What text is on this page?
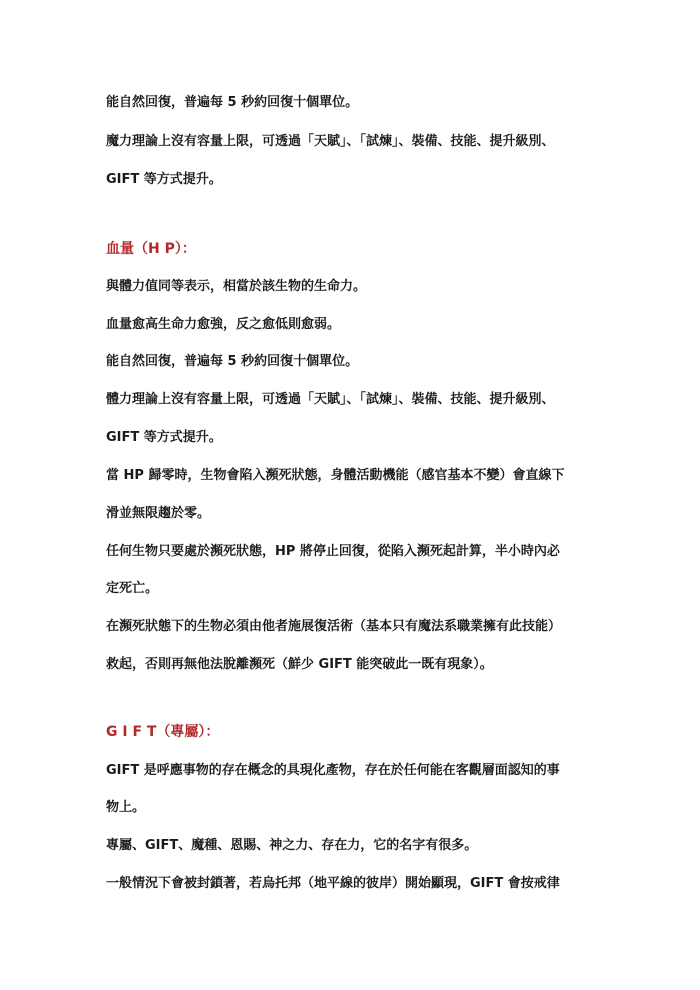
能自然回復，普遍每 5 秒約回復十個單位。
魔力理論上沒有容量上限，可透過「天賦」、「試煉」、裝備、技能、提升級別、
GIFT 等方式提升。
血量（H P）：
與體力值同等表示，相當於該生物的生命力。
血量愈高生命力愈強，反之愈低則愈弱。
能自然回復，普遍每 5 秒約回復十個單位。
體力理論上沒有容量上限，可透過「天賦」、「試煉」、裝備、技能、提升級別、
GIFT 等方式提升。
當 HP 歸零時，生物會陷入瀕死狀態，身體活動機能（感官基本不變）會直線下
滑並無限趨於零。
任何生物只要處於瀕死狀態，HP 將停止回復，從陷入瀕死起計算，半小時內必
定死亡。
在瀕死狀態下的生物必須由他者施展復活術（基本只有魔法系職業擁有此技能）
救起，否則再無他法脫離瀕死（鮮少 GIFT 能突破此一既有現象）。
G I F T（專屬）：
GIFT 是呼應事物的存在概念的具現化產物，存在於任何能在客觀層面認知的事
物上。
專屬、GIFT、魔種、恩賜、神之力、存在力，它的名字有很多。
一般情況下會被封鎖著，若烏托邦（地平線的彼岸）開始顯現，GIFT 會按戒律
